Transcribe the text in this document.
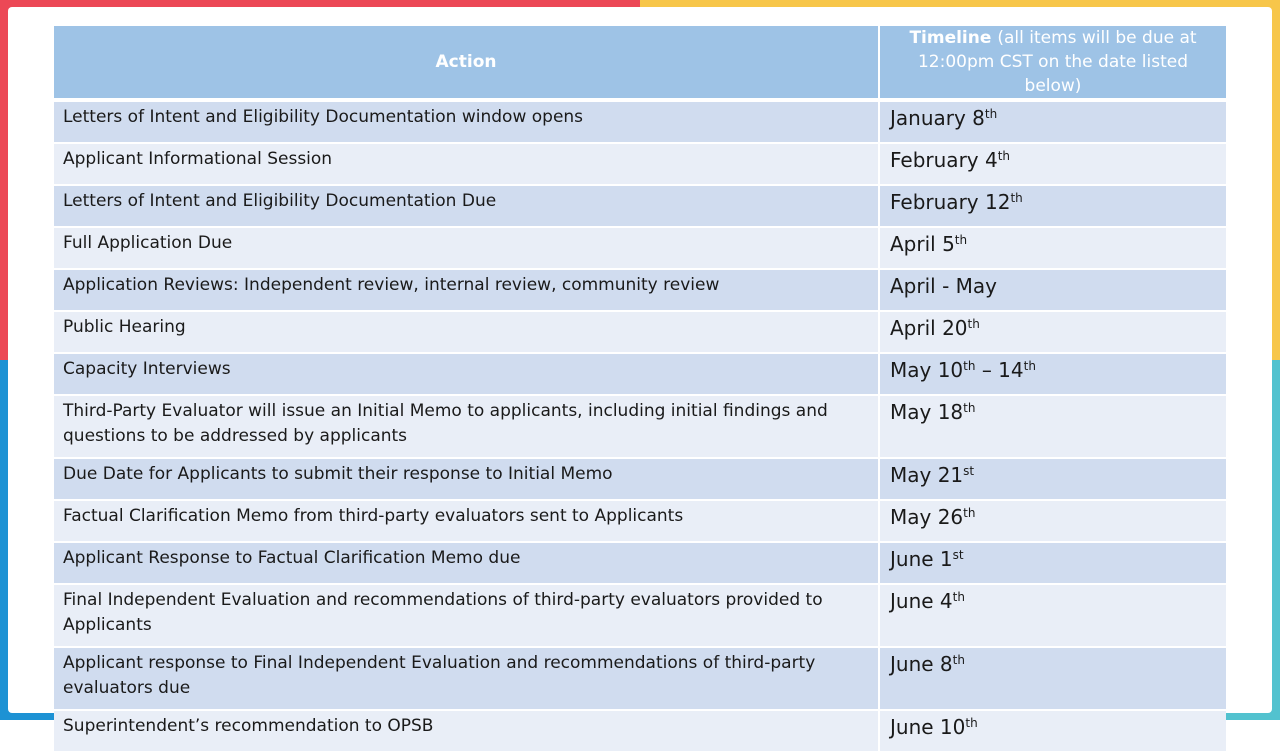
Action	Timeline (all items will be due at 12:00pm CST on the date listed below)
Letters of Intent and Eligibility Documentation window opens	January 8th
Applicant Informational Session	February 4th
Letters of Intent and Eligibility Documentation Due	February 12th
Full Application Due	April 5th
Application Reviews: Independent review, internal review, community review	April - May
Public Hearing	April 20th
Capacity Interviews	May 10th – 14th
Third-Party Evaluator will issue an Initial Memo to applicants, including initial findings and questions to be addressed by applicants	May 18th
Due Date for Applicants to submit their response to Initial Memo	May 21st
Factual Clarification Memo from third-party evaluators sent to Applicants	May 26th
Applicant Response to Factual Clarification Memo due	June 1st
Final Independent Evaluation and recommendations of third-party evaluators provided to Applicants	June 4th
Applicant response to Final Independent Evaluation and recommendations of third-party evaluators due	June 8th
Superintendent’s recommendation to OPSB	June 10th
